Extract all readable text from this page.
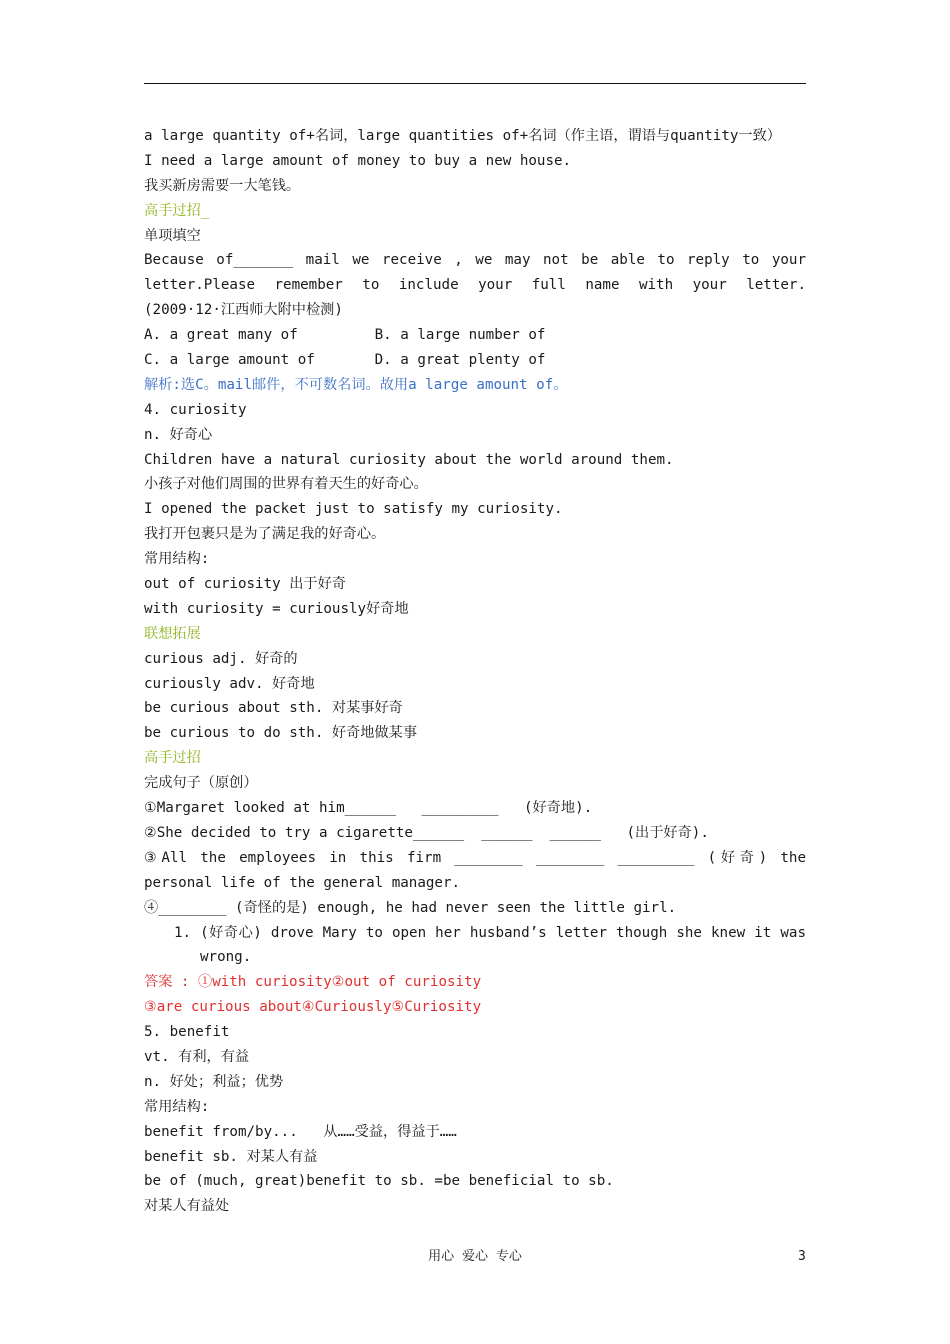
a large quantity of+名词，large quantities of+名词（作主语，谓语与quantity一致）
I need a large amount of money to buy a new house.
我买新房需要一大笔钱。
高手过招_
单项填空
Because of_______ mail we receive , we may not be able to reply to your
letter.Please remember to include your full name with your letter.
(2009·12·江西师大附中检测)
A. a great many of         B. a large number of
C. a large amount of       D. a great plenty of
解析:选C。mail邮件，不可数名词。故用a large amount of。
4. curiosity
n. 好奇心
Children have a natural curiosity about the world around them.
小孩子对他们周围的世界有着天生的好奇心。
I opened the packet just to satisfy my curiosity.
我打开包裹只是为了满足我的好奇心。
常用结构:
out of curiosity 出于好奇
with curiosity = curiously好奇地
联想拓展
curious adj. 好奇的
curiously adv. 好奇地
be curious about sth. 对某事好奇
be curious to do sth. 好奇地做某事
高手过招
完成句子（原创）
①Margaret looked at him______   _________   (好奇地).
②She decided to try a cigarette______  ______  ______   (出于好奇).
③All the employees in this firm ________ ________ _________ (好奇) the
personal life of the general manager.
④________ (奇怪的是) enough, he had never seen the little girl.
1. (好奇心) drove Mary to open her husband’s letter though she knew it was
wrong.
答案 : ①with curiosity②out of curiosity
③are curious about④Curiously⑤Curiosity
5. benefit
vt. 有利，有益
n. 好处；利益；优势
常用结构:
benefit from/by...   从……受益，得益于……
benefit sb. 对某人有益
be of (much, great)benefit to sb. =be beneficial to sb.
对某人有益处
用心 爱心 专心	3
